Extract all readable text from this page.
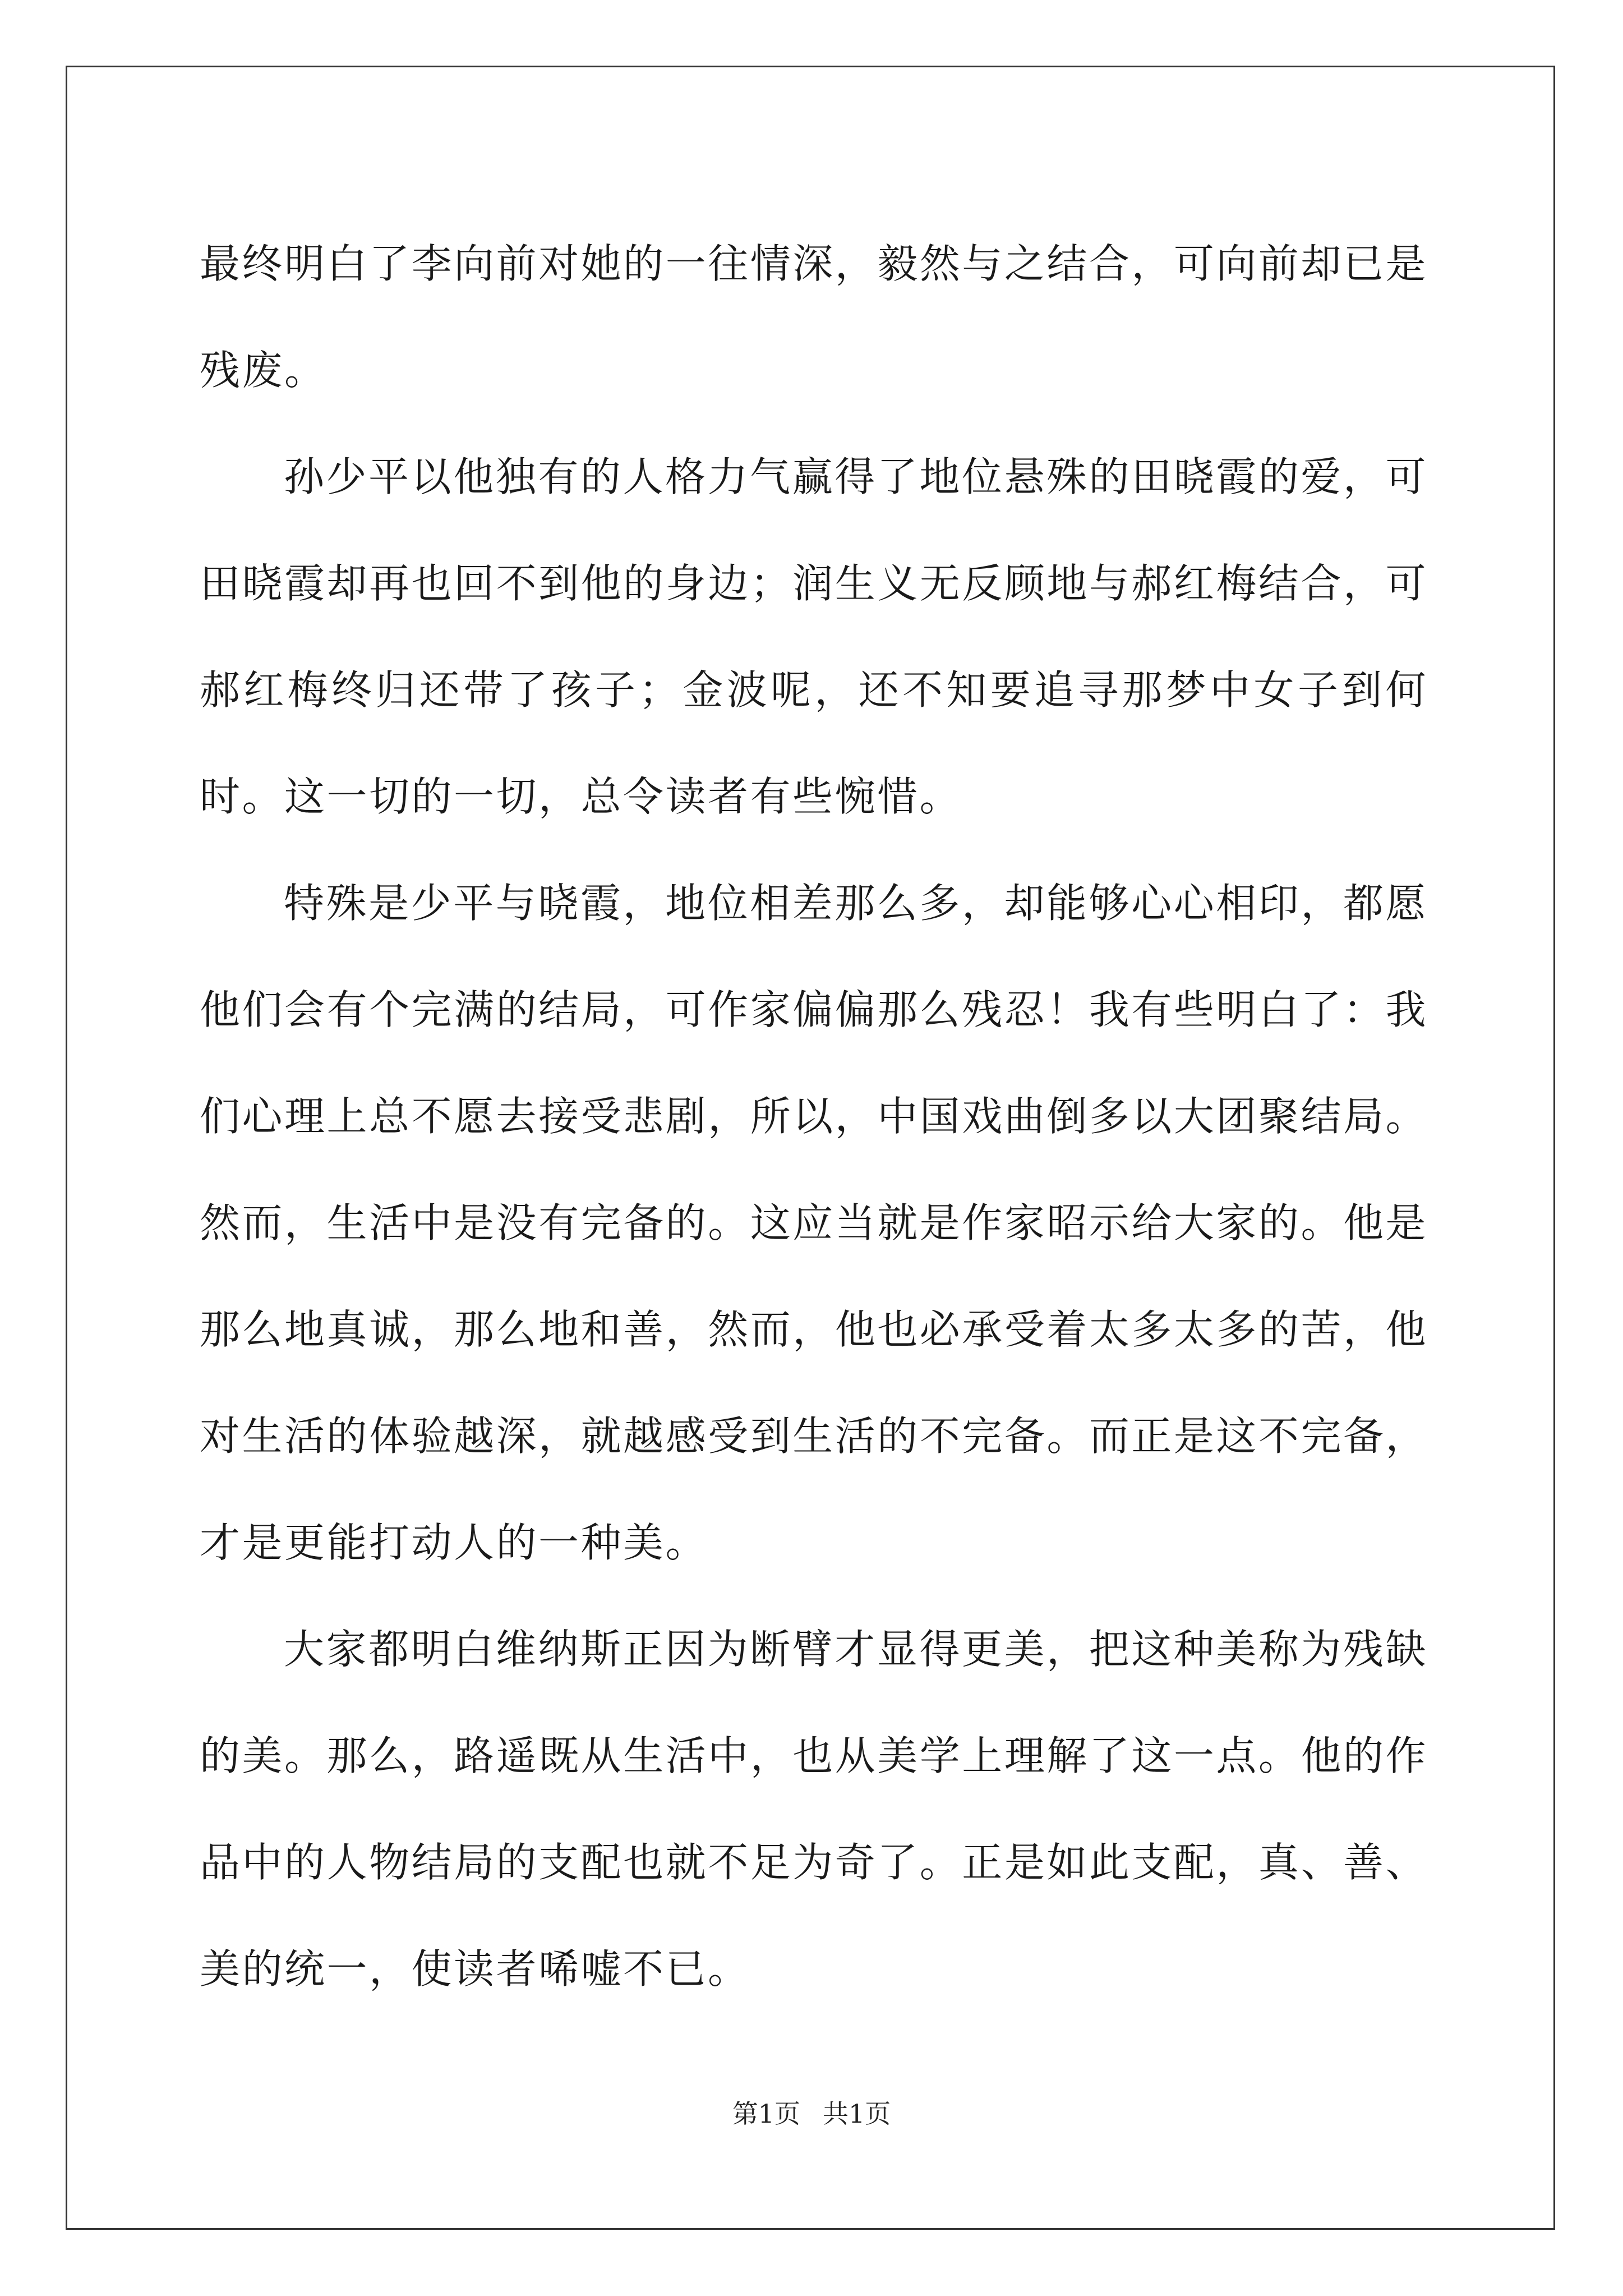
最终明白了李向前对她的一往情深，毅然与之结合，可向前却已是残废。

孙少平以他独有的人格力气赢得了地位悬殊的田晓霞的爱，可田晓霞却再也回不到他的身边；润生义无反顾地与郝红梅结合，可郝红梅终归还带了孩子；金波呢，还不知要追寻那梦中女子到何时。这一切的一切，总令读者有些惋惜。

特殊是少平与晓霞，地位相差那么多，却能够心心相印，都愿他们会有个完满的结局，可作家偏偏那么残忍！我有些明白了：我们心理上总不愿去接受悲剧，所以，中国戏曲倒多以大团聚结局。然而，生活中是没有完备的。这应当就是作家昭示给大家的。他是那么地真诚，那么地和善，然而，他也必承受着太多太多的苦，他对生活的体验越深，就越感受到生活的不完备。而正是这不完备，才是更能打动人的一种美。

大家都明白维纳斯正因为断臂才显得更美，把这种美称为残缺的美。那么，路遥既从生活中，也从美学上理解了这一点。他的作品中的人物结局的支配也就不足为奇了。正是如此支配，真、善、美的统一，使读者唏嘘不已。

第1页 共1页
